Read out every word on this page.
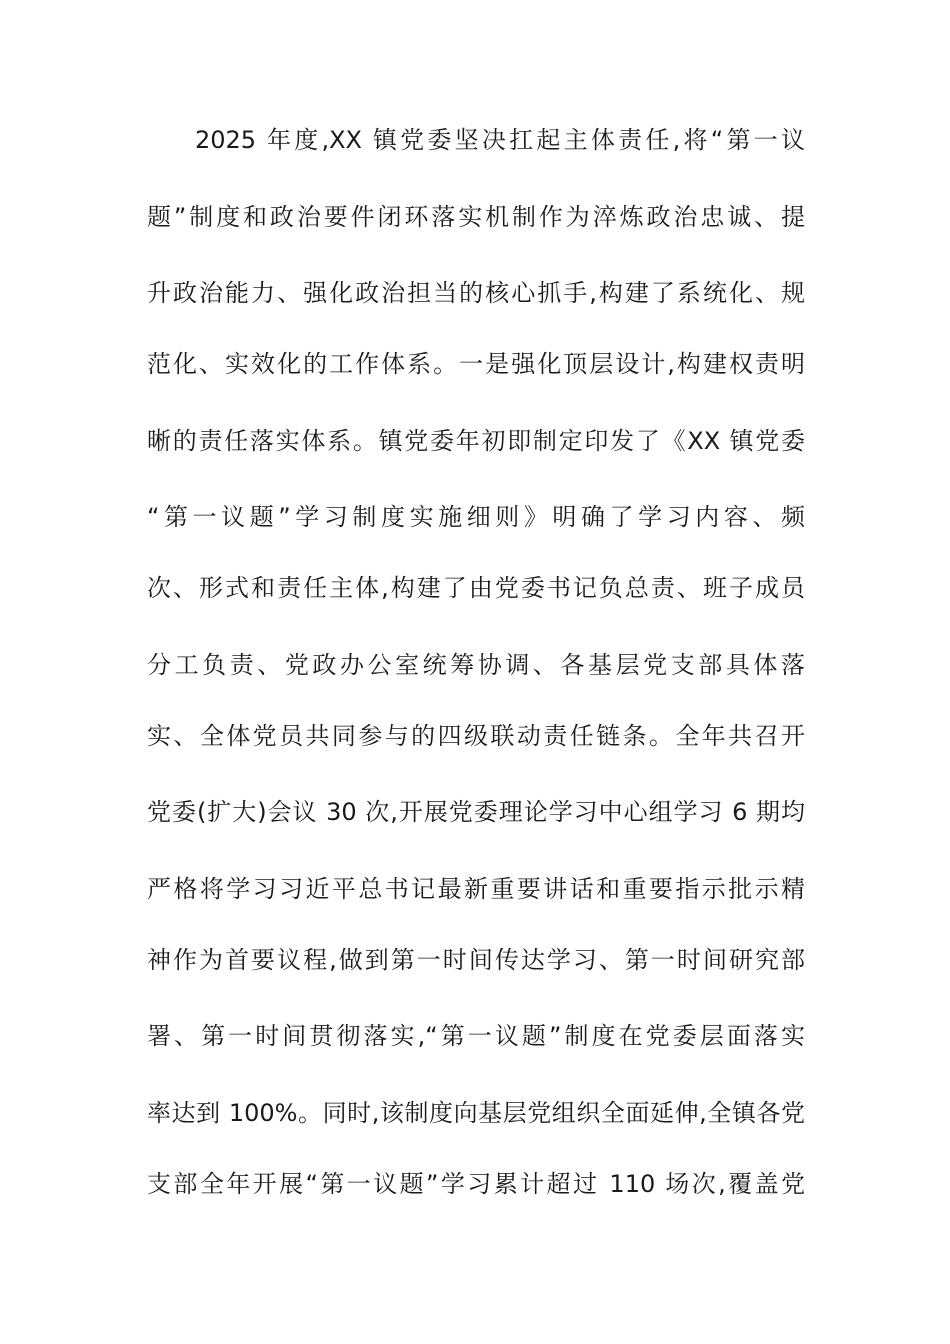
2025 年度,XX 镇党委坚决扛起主体责任,将“第一议
题”制度和政治要件闭环落实机制作为淬炼政治忠诚、提
升政治能力、强化政治担当的核心抓手,构建了系统化、规
范化、实效化的工作体系。一是强化顶层设计,构建权责明
晰的责任落实体系。镇党委年初即制定印发了《XX 镇党委
“第一议题”学习制度实施细则》明确了学习内容、频
次、形式和责任主体,构建了由党委书记负总责、班子成员
分工负责、党政办公室统筹协调、各基层党支部具体落
实、全体党员共同参与的四级联动责任链条。全年共召开
党委(扩大)会议 30 次,开展党委理论学习中心组学习 6 期均
严格将学习习近平总书记最新重要讲话和重要指示批示精
神作为首要议程,做到第一时间传达学习、第一时间研究部
署、第一时间贯彻落实,“第一议题”制度在党委层面落实
率达到 100%。同时,该制度向基层党组织全面延伸,全镇各党
支部全年开展“第一议题”学习累计超过 110 场次,覆盖党
